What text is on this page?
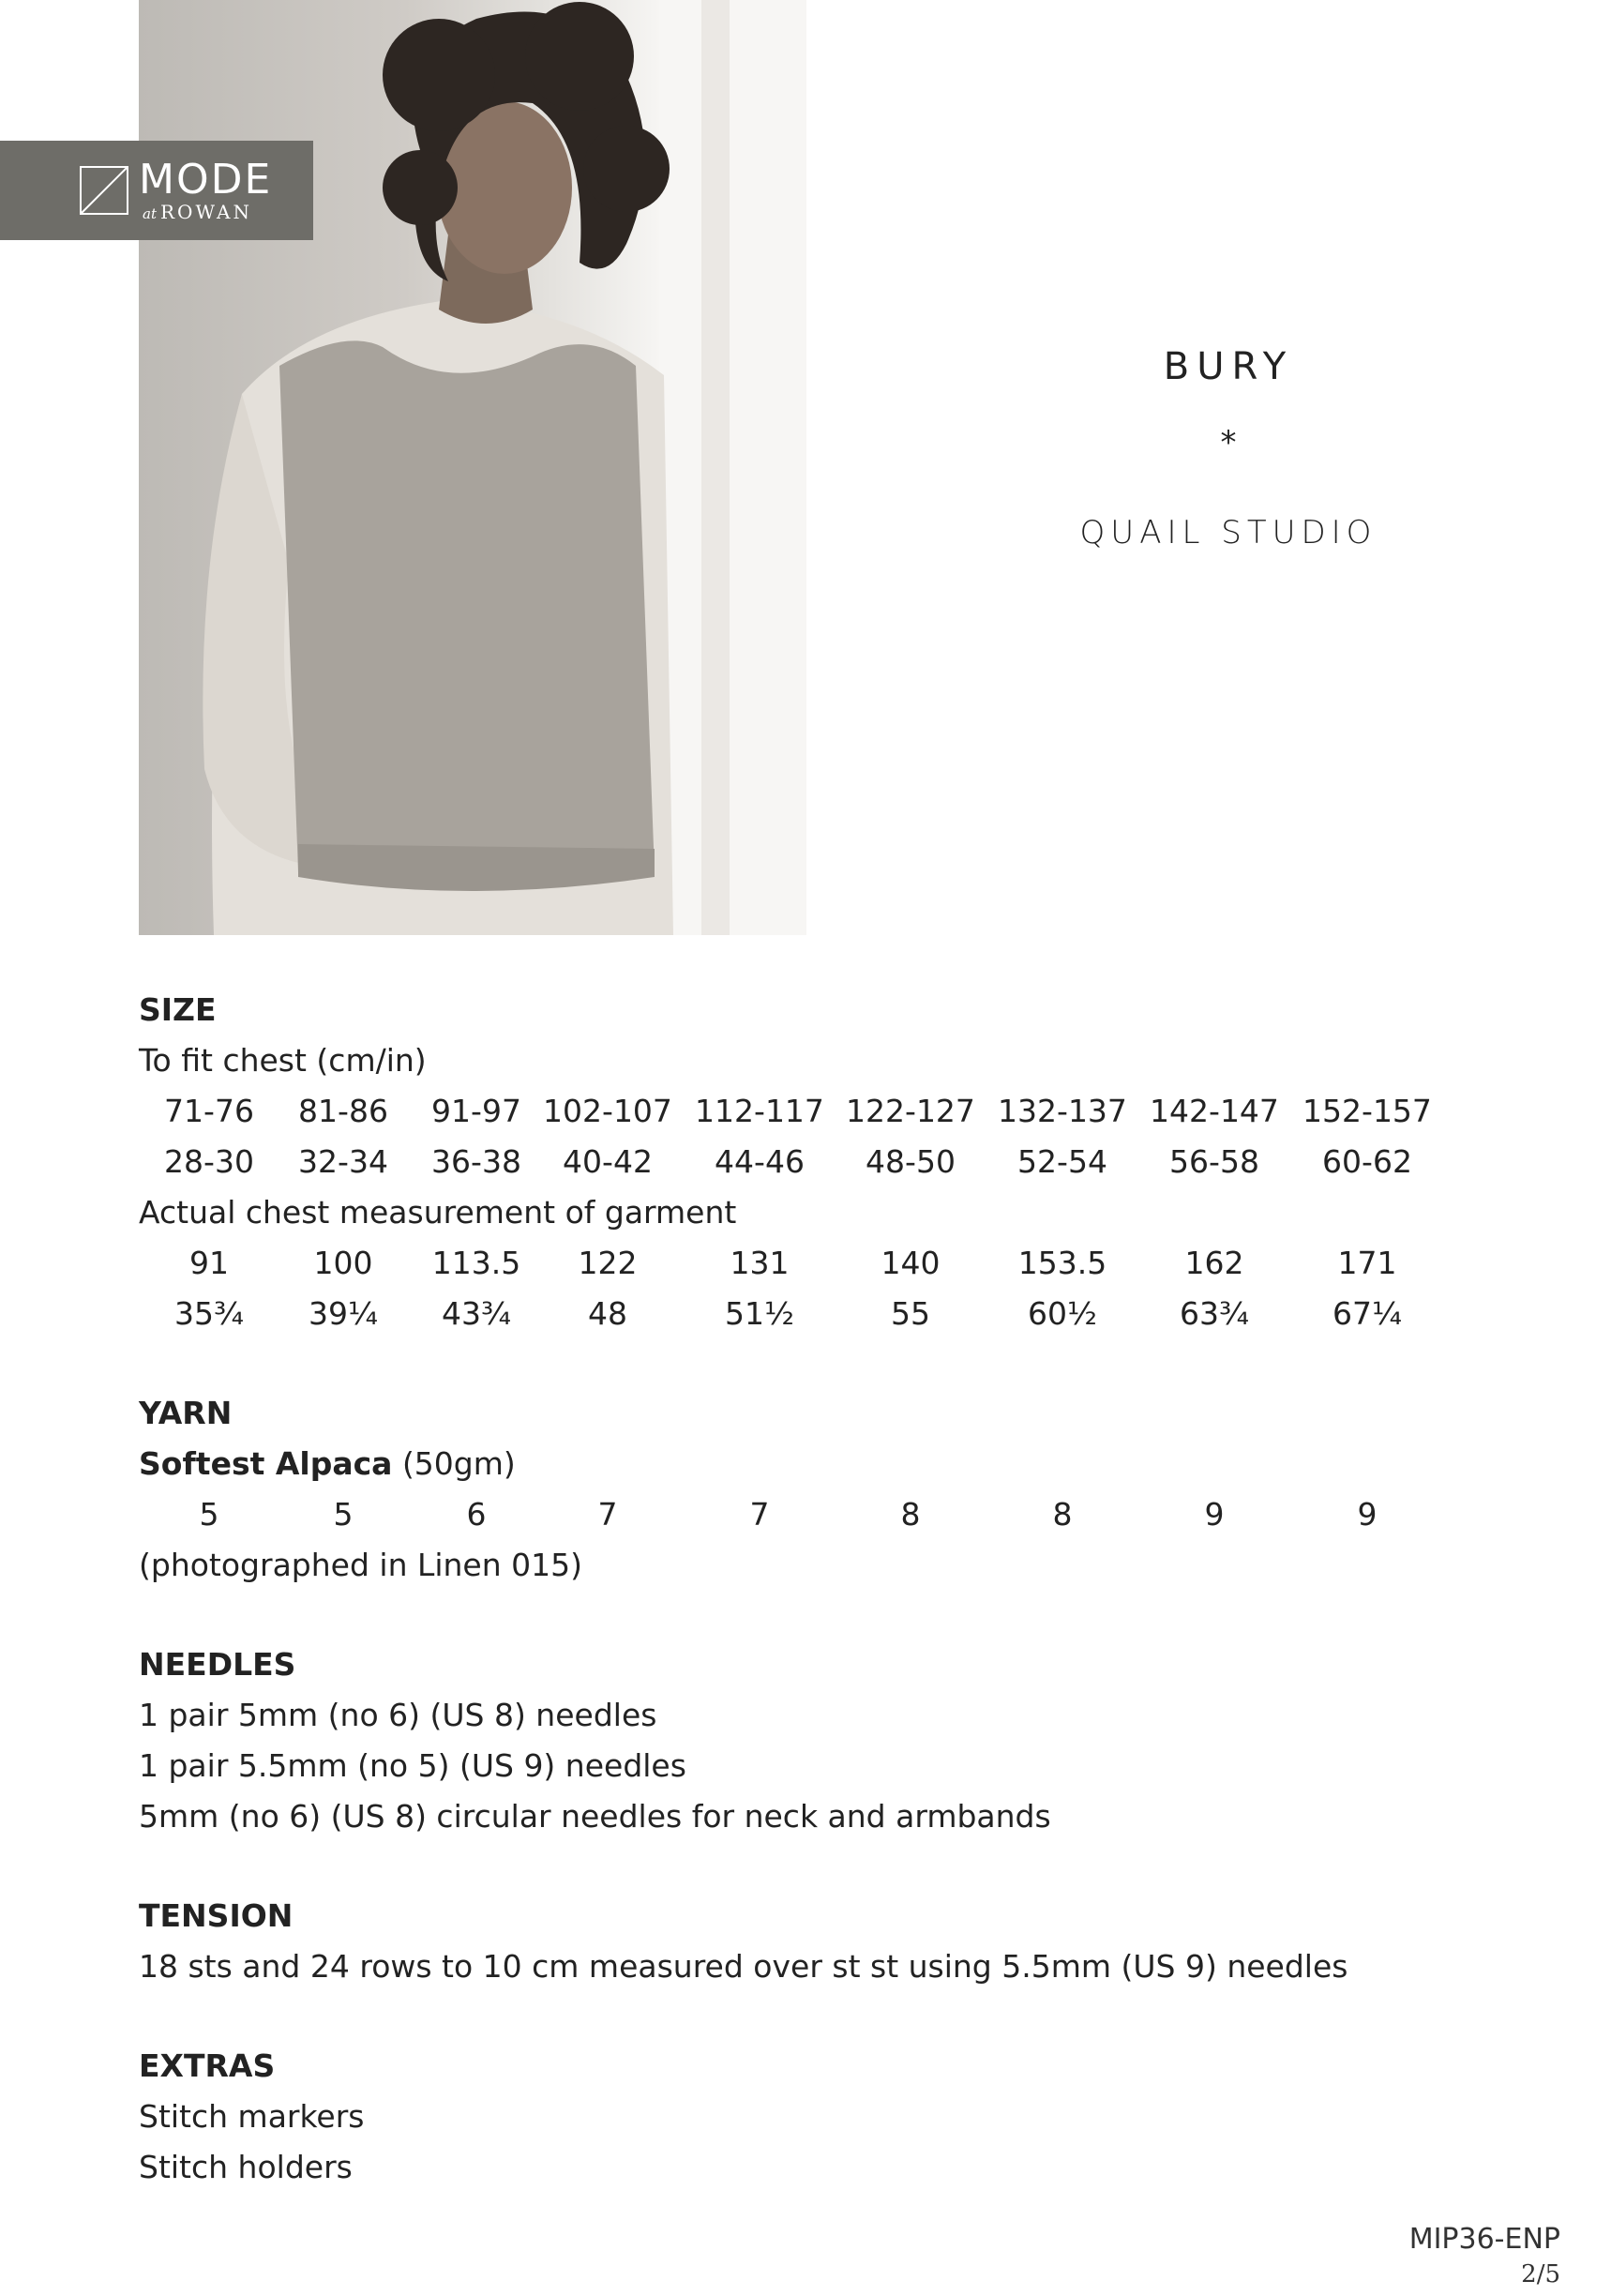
MODE
at ROWAN
BURY
*
QUAIL STUDIO
SIZE
To fit chest (cm/in)
71-76	81-86	91-97 102-107 112-117 122-127 132-137 142-147 152-157
28-30	32-34	36-38	40-42	44-46	48-50	52-54	56-58	60-62
Actual chest measurement of garment
91	100	113.5	122	131	140	153.5	162	171
35¾	39¼	43¾	48	51½	55	60½	63¾	67¼
YARN
Softest Alpaca (50gm)
5	5	6	7	7	8	8	9	9
(photographed in Linen 015)
NEEDLES
1 pair 5mm (no 6) (US 8) needles
1 pair 5.5mm (no 5) (US 9) needles
5mm (no 6) (US 8) circular needles for neck and armbands
TENSION
18 sts and 24 rows to 10 cm measured over st st using 5.5mm (US 9) needles
EXTRAS
Stitch markers
Stitch holders
MIP36-ENP
2/5
